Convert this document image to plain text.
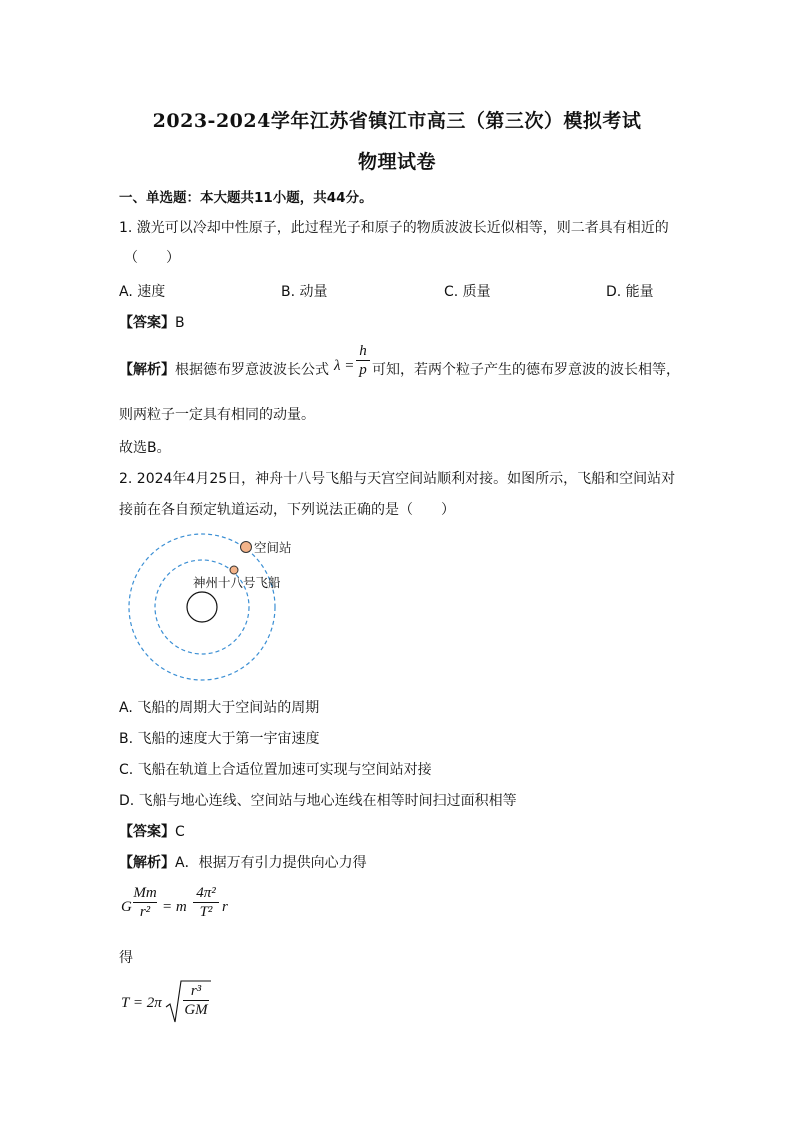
2023-2024学年江苏省镇江市高三（第三次）模拟考试
物理试卷
一、单选题：本大题共11小题，共44分。
1. 激光可以冷却中性原子，此过程光子和原子的物质波波长近似相等，则二者具有相近的
（　　）
A. 速度	B. 动量	C. 质量	D. 能量
【答案】B
【解析】根据德布罗意波波长公式 λ =
h
p 可知，若两个粒子产生的德布罗意波的波长相等，
则两粒子一定具有相同的动量。
故选B。
2. 2024年4月25日，神舟十八号飞船与天宫空间站顺利对接。如图所示，飞船和空间站对
接前在各自预定轨道运动，下列说法正确的是（　　）
空间站
神州十八号飞船
A. 飞船的周期大于空间站的周期
B. 飞船的速度大于第一宇宙速度
C. 飞船在轨道上合适位置加速可实现与空间站对接
D. 飞船与地心连线、空间站与地心连线在相等时间扫过面积相等
【答案】C
【解析】A．根据万有引力提供向心力得
G
Mm
r² = m
4π²
T² r
得
T = 2π
r³
GM
